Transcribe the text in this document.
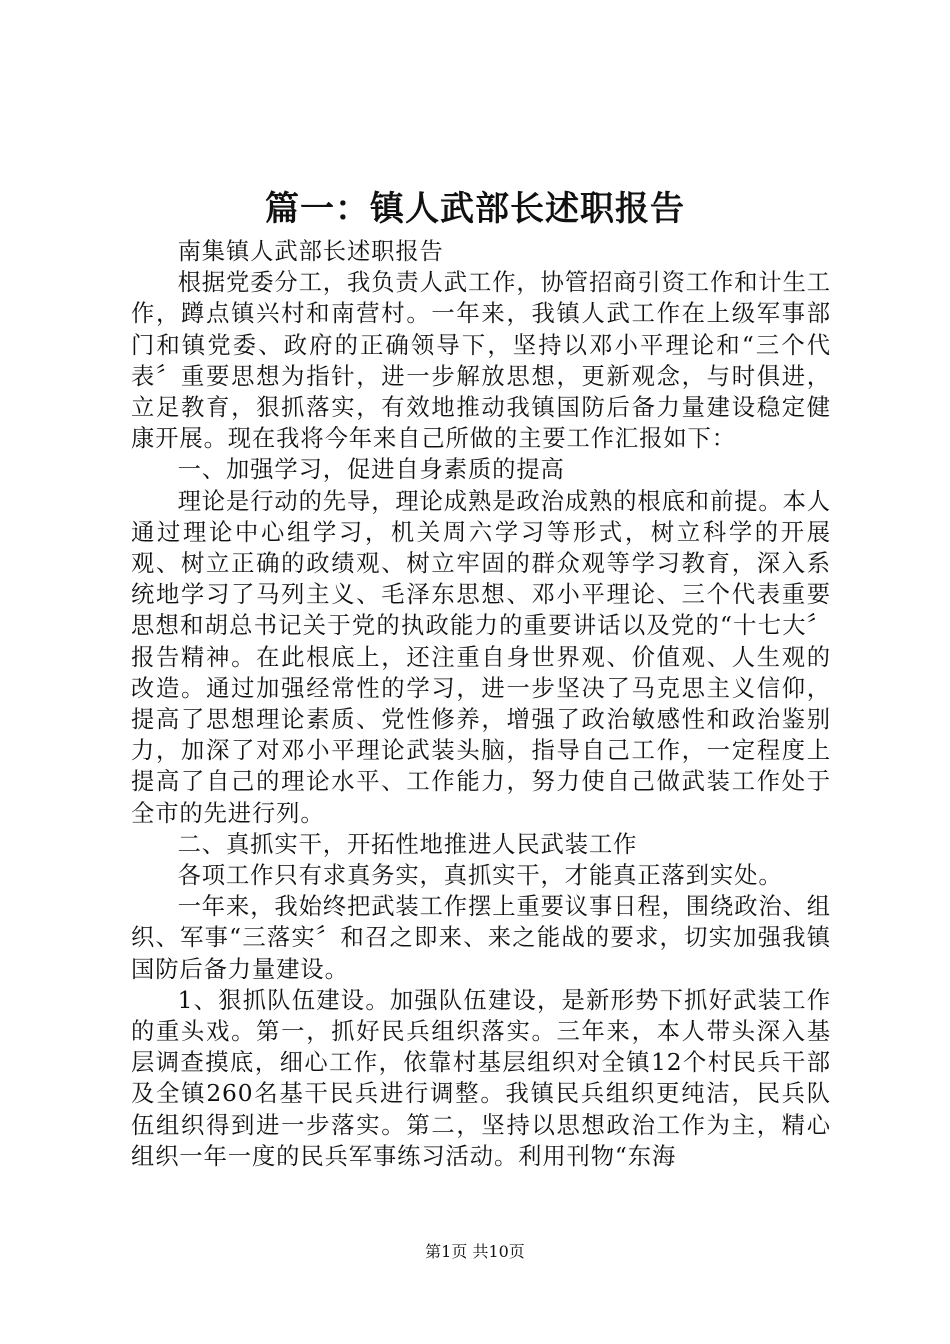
篇一：镇人武部长述职报告

南集镇人武部长述职报告

根据党委分工，我负责人武工作，协管招商引资工作和计生工作，蹲点镇兴村和南营村。一年来，我镇人武工作在上级军事部门和镇党委、政府的正确领导下，坚持以邓小平理论和“三个代表〞重要思想为指针，进一步解放思想，更新观念，与时俱进，立足教育，狠抓落实，有效地推动我镇国防后备力量建设稳定健康开展。现在我将今年来自己所做的主要工作汇报如下：

一、加强学习，促进自身素质的提高

理论是行动的先导，理论成熟是政治成熟的根底和前提。本人通过理论中心组学习，机关周六学习等形式，树立科学的开展观、树立正确的政绩观、树立牢固的群众观等学习教育，深入系统地学习了马列主义、毛泽东思想、邓小平理论、三个代表重要思想和胡总书记关于党的执政能力的重要讲话以及党的“十七大〞报告精神。在此根底上，还注重自身世界观、价值观、人生观的改造。通过加强经常性的学习，进一步坚决了马克思主义信仰，提高了思想理论素质、党性修养，增强了政治敏感性和政治鉴别力，加深了对邓小平理论武装头脑，指导自己工作，一定程度上提高了自己的理论水平、工作能力，努力使自己做武装工作处于全市的先进行列。

二、真抓实干，开拓性地推进人民武装工作

各项工作只有求真务实，真抓实干，才能真正落到实处。

一年来，我始终把武装工作摆上重要议事日程，围绕政治、组织、军事“三落实〞和召之即来、来之能战的要求，切实加强我镇国防后备力量建设。

1、狠抓队伍建设。加强队伍建设，是新形势下抓好武装工作的重头戏。第一，抓好民兵组织落实。三年来，本人带头深入基层调查摸底，细心工作，依靠村基层组织对全镇12个村民兵干部及全镇260名基干民兵进行调整。我镇民兵组织更纯洁，民兵队伍组织得到进一步落实。第二，坚持以思想政治工作为主，精心组织一年一度的民兵军事练习活动。利用刊物“东海

第1页 共10页
